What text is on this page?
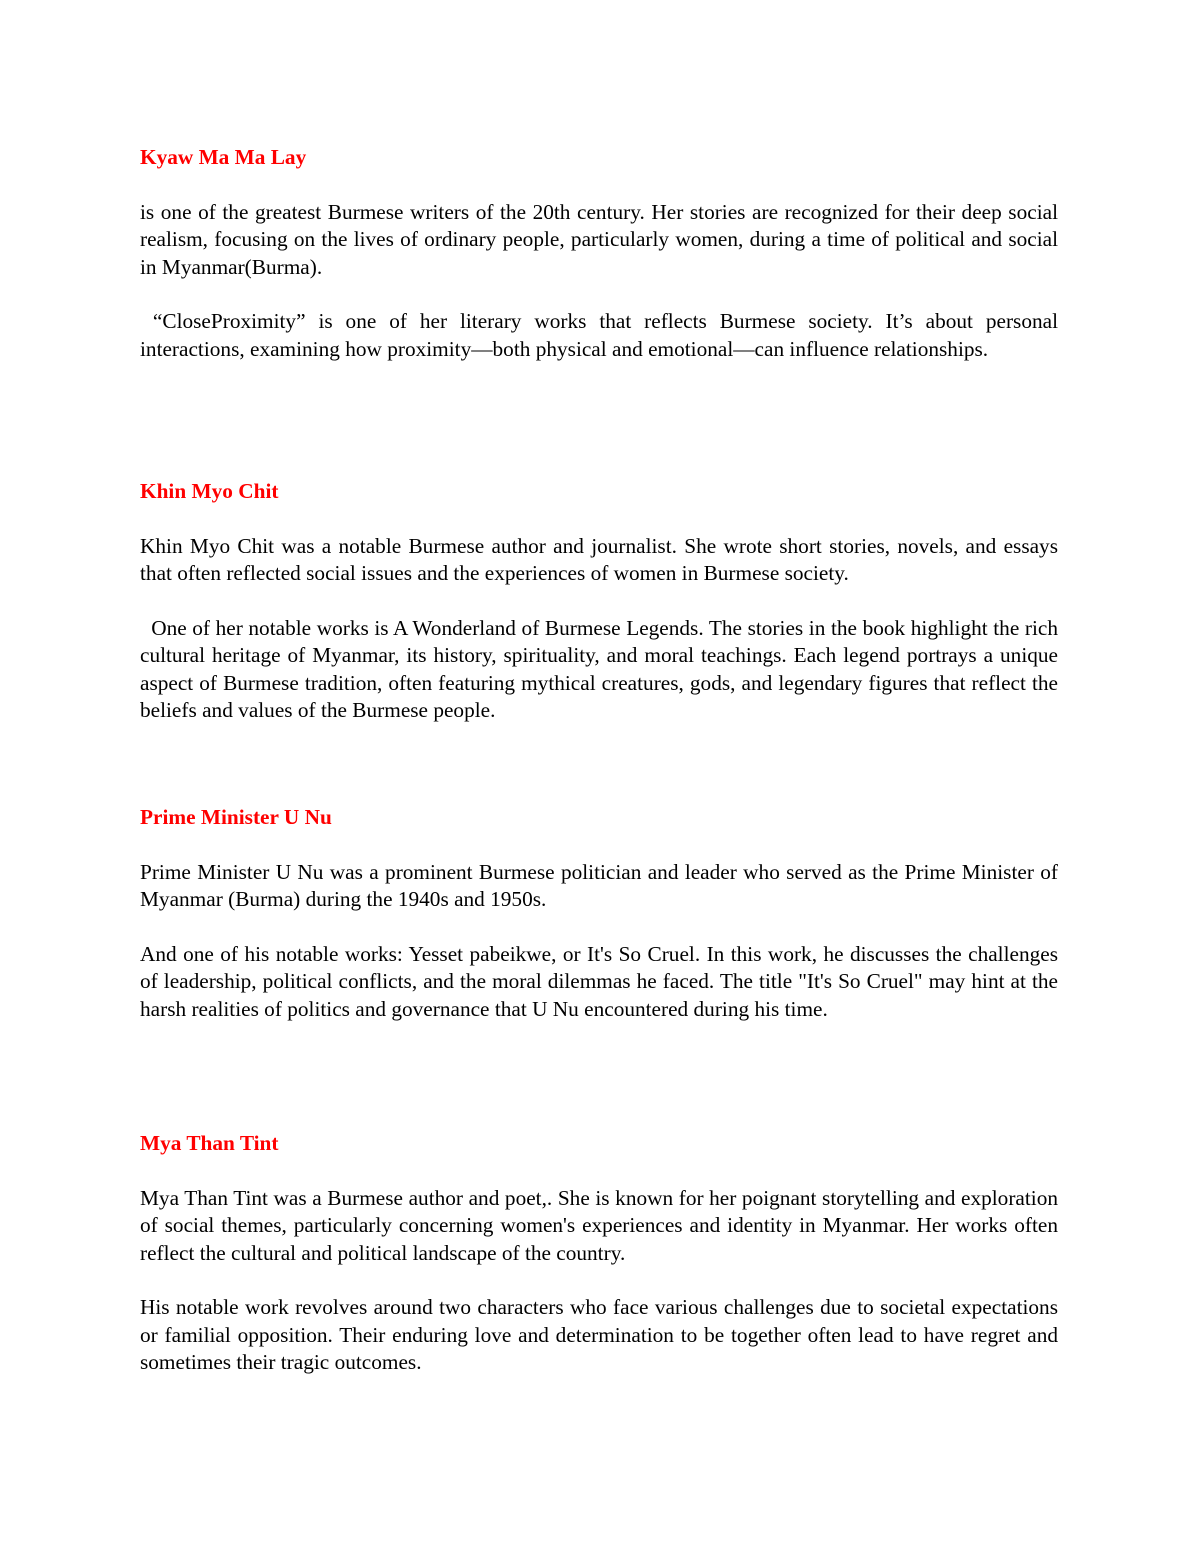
Kyaw Ma Ma Lay

is one of the greatest Burmese writers of the 20th century. Her stories are recognized for their deep social realism, focusing on the lives of ordinary people, particularly women, during a time of political and social in Myanmar(Burma).

“CloseProximity” is one of her literary works that reflects Burmese society. It’s about personal interactions, examining how proximity—both physical and emotional—can influence relationships.

Khin Myo Chit

Khin Myo Chit was a notable Burmese author and journalist. She wrote short stories, novels, and essays that often reflected social issues and the experiences of women in Burmese society.

One of her notable works is A Wonderland of Burmese Legends. The stories in the book highlight the rich cultural heritage of Myanmar, its history, spirituality, and moral teachings. Each legend portrays a unique aspect of Burmese tradition, often featuring mythical creatures, gods, and legendary figures that reflect the beliefs and values of the Burmese people.

Prime Minister U Nu

Prime Minister U Nu was a prominent Burmese politician and leader who served as the Prime Minister of Myanmar (Burma) during the 1940s and 1950s.

And one of his notable works: Yesset pabeikwe, or It's So Cruel. In this work, he discusses the challenges of leadership, political conflicts, and the moral dilemmas he faced. The title "It's So Cruel" may hint at the harsh realities of politics and governance that U Nu encountered during his time.

Mya Than Tint

Mya Than Tint was a Burmese author and poet,. She is known for her poignant storytelling and exploration of social themes, particularly concerning women's experiences and identity in Myanmar. Her works often reflect the cultural and political landscape of the country.

His notable work revolves around two characters who face various challenges due to societal expectations or familial opposition. Their enduring love and determination to be together often lead to have regret and sometimes their tragic outcomes.
